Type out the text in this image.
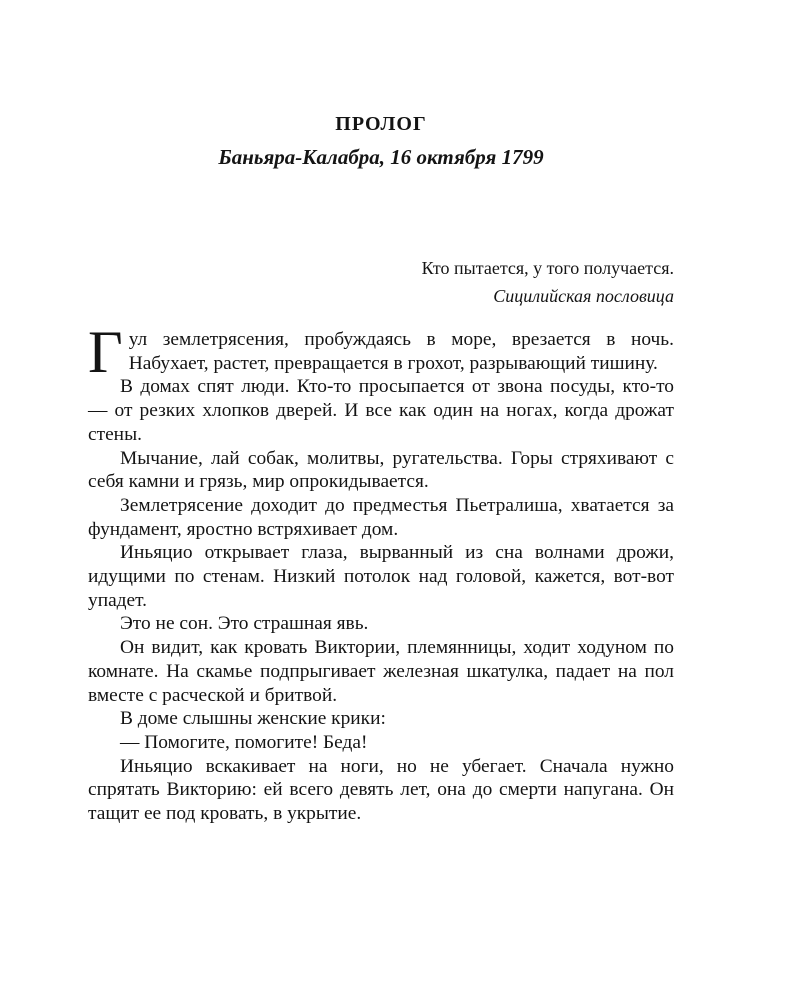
ПРОЛОГ
Баньяра-Калабра, 16 октября 1799
Кто пытается, у того получается.
Сицилийская пословица

Гул землетрясения, пробуждаясь в море, врезается в ночь. Набухает, растет, превращается в грохот, разрывающий тишину.

В домах спят люди. Кто-то просыпается от звона посуды, кто-то — от резких хлопков дверей. И все как один на ногах, когда дрожат стены.

Мычание, лай собак, молитвы, ругательства. Горы стряхивают с себя камни и грязь, мир опрокидывается.

Землетрясение доходит до предместья Пьетралиша, хватается за фундамент, яростно встряхивает дом.

Иньяцио открывает глаза, вырванный из сна волнами дрожи, идущими по стенам. Низкий потолок над головой, кажется, вот-вот упадет.

Это не сон. Это страшная явь.

Он видит, как кровать Виктории, племянницы, ходит ходуном по комнате. На скамье подпрыгивает железная шкатулка, падает на пол вместе с расческой и бритвой.

В доме слышны женские крики:

— Помогите, помогите! Беда!

Иньяцио вскакивает на ноги, но не убегает. Сначала нужно спрятать Викторию: ей всего девять лет, она до смерти напугана. Он тащит ее под кровать, в укрытие.
